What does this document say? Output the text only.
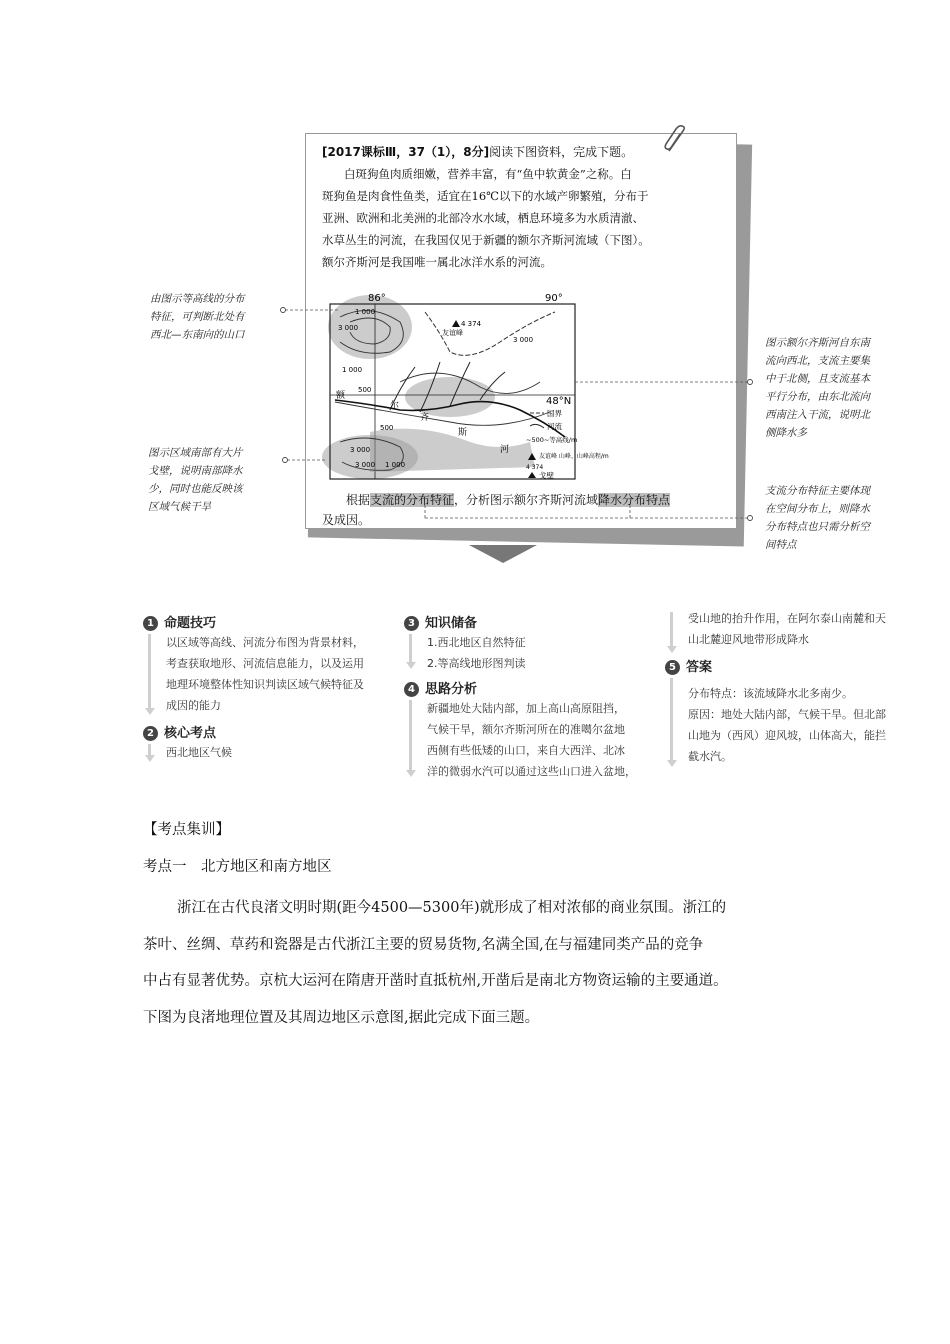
[2017课标Ⅲ，37（1），8分]阅读下图资料，完成下题。
白斑狗鱼肉质细嫩，营养丰富，有“鱼中软黄金”之称。白
斑狗鱼是肉食性鱼类，适宜在16℃以下的水域产卵繁殖，分布于
亚洲、欧洲和北美洲的北部冷水水域，栖息环境多为水质清澈、
水草丛生的河流，在我国仅见于新疆的额尔齐斯河流域（下图）。
额尔齐斯河是我国唯一属北冰洋水系的河流。
86°	90°
48°N
友谊峰
4 374
1 000
3 000
1 000
500
500
3 000
3 000
3 000 1 000
额
尔
齐
斯
河
国界
河流
~500~等高线/m
友谊峰 山峰、山峰高程/m
4 374
戈壁
根据支流的分布特征，分析图示额尔齐斯河流域降水分布特点
及成因。
由图示等高线的分布
特征，可判断北处有
西北—东南向的山口
图示区域南部有大片
戈壁，说明南部降水
少，同时也能反映该
区域气候干旱
图示额尔齐斯河自东南
流向西北，支流主要集
中于北侧，且支流基本
平行分布，由东北流向
西南注入干流，说明北
侧降水多
支流分布特征主要体现
在空间分布上，则降水
分布特点也只需分析空
间特点
1 命题技巧
以区域等高线、河流分布图为背景材料，
考查获取地形、河流信息能力，以及运用
地理环境整体性知识判读区域气候特征及
成因的能力
2 核心考点
西北地区气候
3 知识储备
1.西北地区自然特征
2.等高线地形图判读
4 思路分析
新疆地处大陆内部，加上高山高原阻挡，
气候干旱，额尔齐斯河所在的准噶尔盆地
西侧有些低矮的山口，来自大西洋、北冰
洋的微弱水汽可以通过这些山口进入盆地，
受山地的抬升作用，在阿尔泰山南麓和天
山北麓迎风地带形成降水
5 答案
分布特点：该流域降水北多南少。
原因：地处大陆内部，气候干旱。但北部
山地为（西风）迎风坡，山体高大，能拦
截水汽。
【考点集训】
考点一　北方地区和南方地区
浙江在古代良渚文明时期(距今4500—5300年)就形成了相对浓郁的商业氛围。浙江的
茶叶、丝绸、草药和瓷器是古代浙江主要的贸易货物,名满全国,在与福建同类产品的竞争
中占有显著优势。京杭大运河在隋唐开凿时直抵杭州,开凿后是南北方物资运输的主要通道。
下图为良渚地理位置及其周边地区示意图,据此完成下面三题。
